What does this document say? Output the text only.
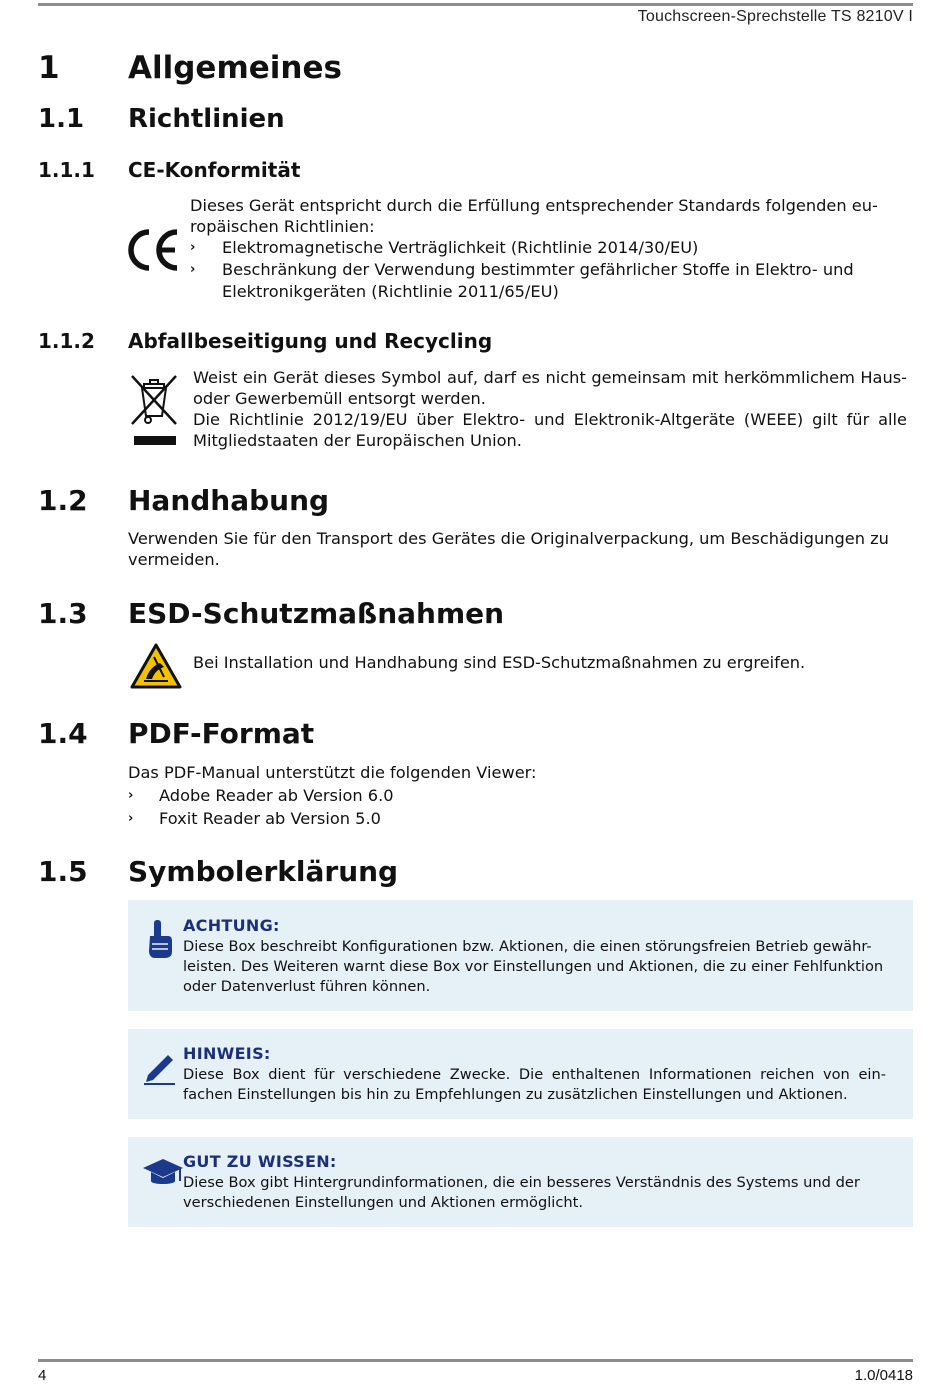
Touchscreen-Sprechstelle TS 8210V I
1 Allgemeines
1.1 Richtlinien
1.1.1 CE-Konformität
Dieses Gerät entspricht durch die Erfüllung entsprechender Standards folgenden eu-
ropäischen Richtlinien:
› Elektromagnetische Verträglichkeit (Richtlinie 2014/30/EU)
› Beschränkung der Verwendung bestimmter gefährlicher Stoffe in Elektro- und
Elektronikgeräten (Richtlinie 2011/65/EU)
1.1.2 Abfallbeseitigung und Recycling
Weist ein Gerät dieses Symbol auf, darf es nicht gemeinsam mit herkömmlichem Haus- oder Gewerbemüll entsorgt werden.
Die Richtlinie 2012/19/EU über Elektro- und Elektronik-Altgeräte (WEEE) gilt für alle Mitgliedstaaten der Europäischen Union.
1.2 Handhabung
Verwenden Sie für den Transport des Gerätes die Originalverpackung, um Beschädigungen zu vermeiden.
1.3 ESD-Schutzmaßnahmen
Bei Installation und Handhabung sind ESD-Schutzmaßnahmen zu ergreifen.
1.4 PDF-Format
Das PDF-Manual unterstützt die folgenden Viewer:
› Adobe Reader ab Version 6.0
› Foxit Reader ab Version 5.0
1.5 Symbolerklärung
ACHTUNG:
Diese Box beschreibt Konfigurationen bzw. Aktionen, die einen störungsfreien Betrieb gewähr-leisten. Des Weiteren warnt diese Box vor Einstellungen und Aktionen, die zu einer Fehlfunktion oder Datenverlust führen können.
HINWEIS:
Diese Box dient für verschiedene Zwecke. Die enthaltenen Informationen reichen von ein-fachen Einstellungen bis hin zu Empfehlungen zu zusätzlichen Einstellungen und Aktionen.
GUT ZU WISSEN:
Diese Box gibt Hintergrundinformationen, die ein besseres Verständnis des Systems und der verschiedenen Einstellungen und Aktionen ermöglicht.
4	1.0/0418
